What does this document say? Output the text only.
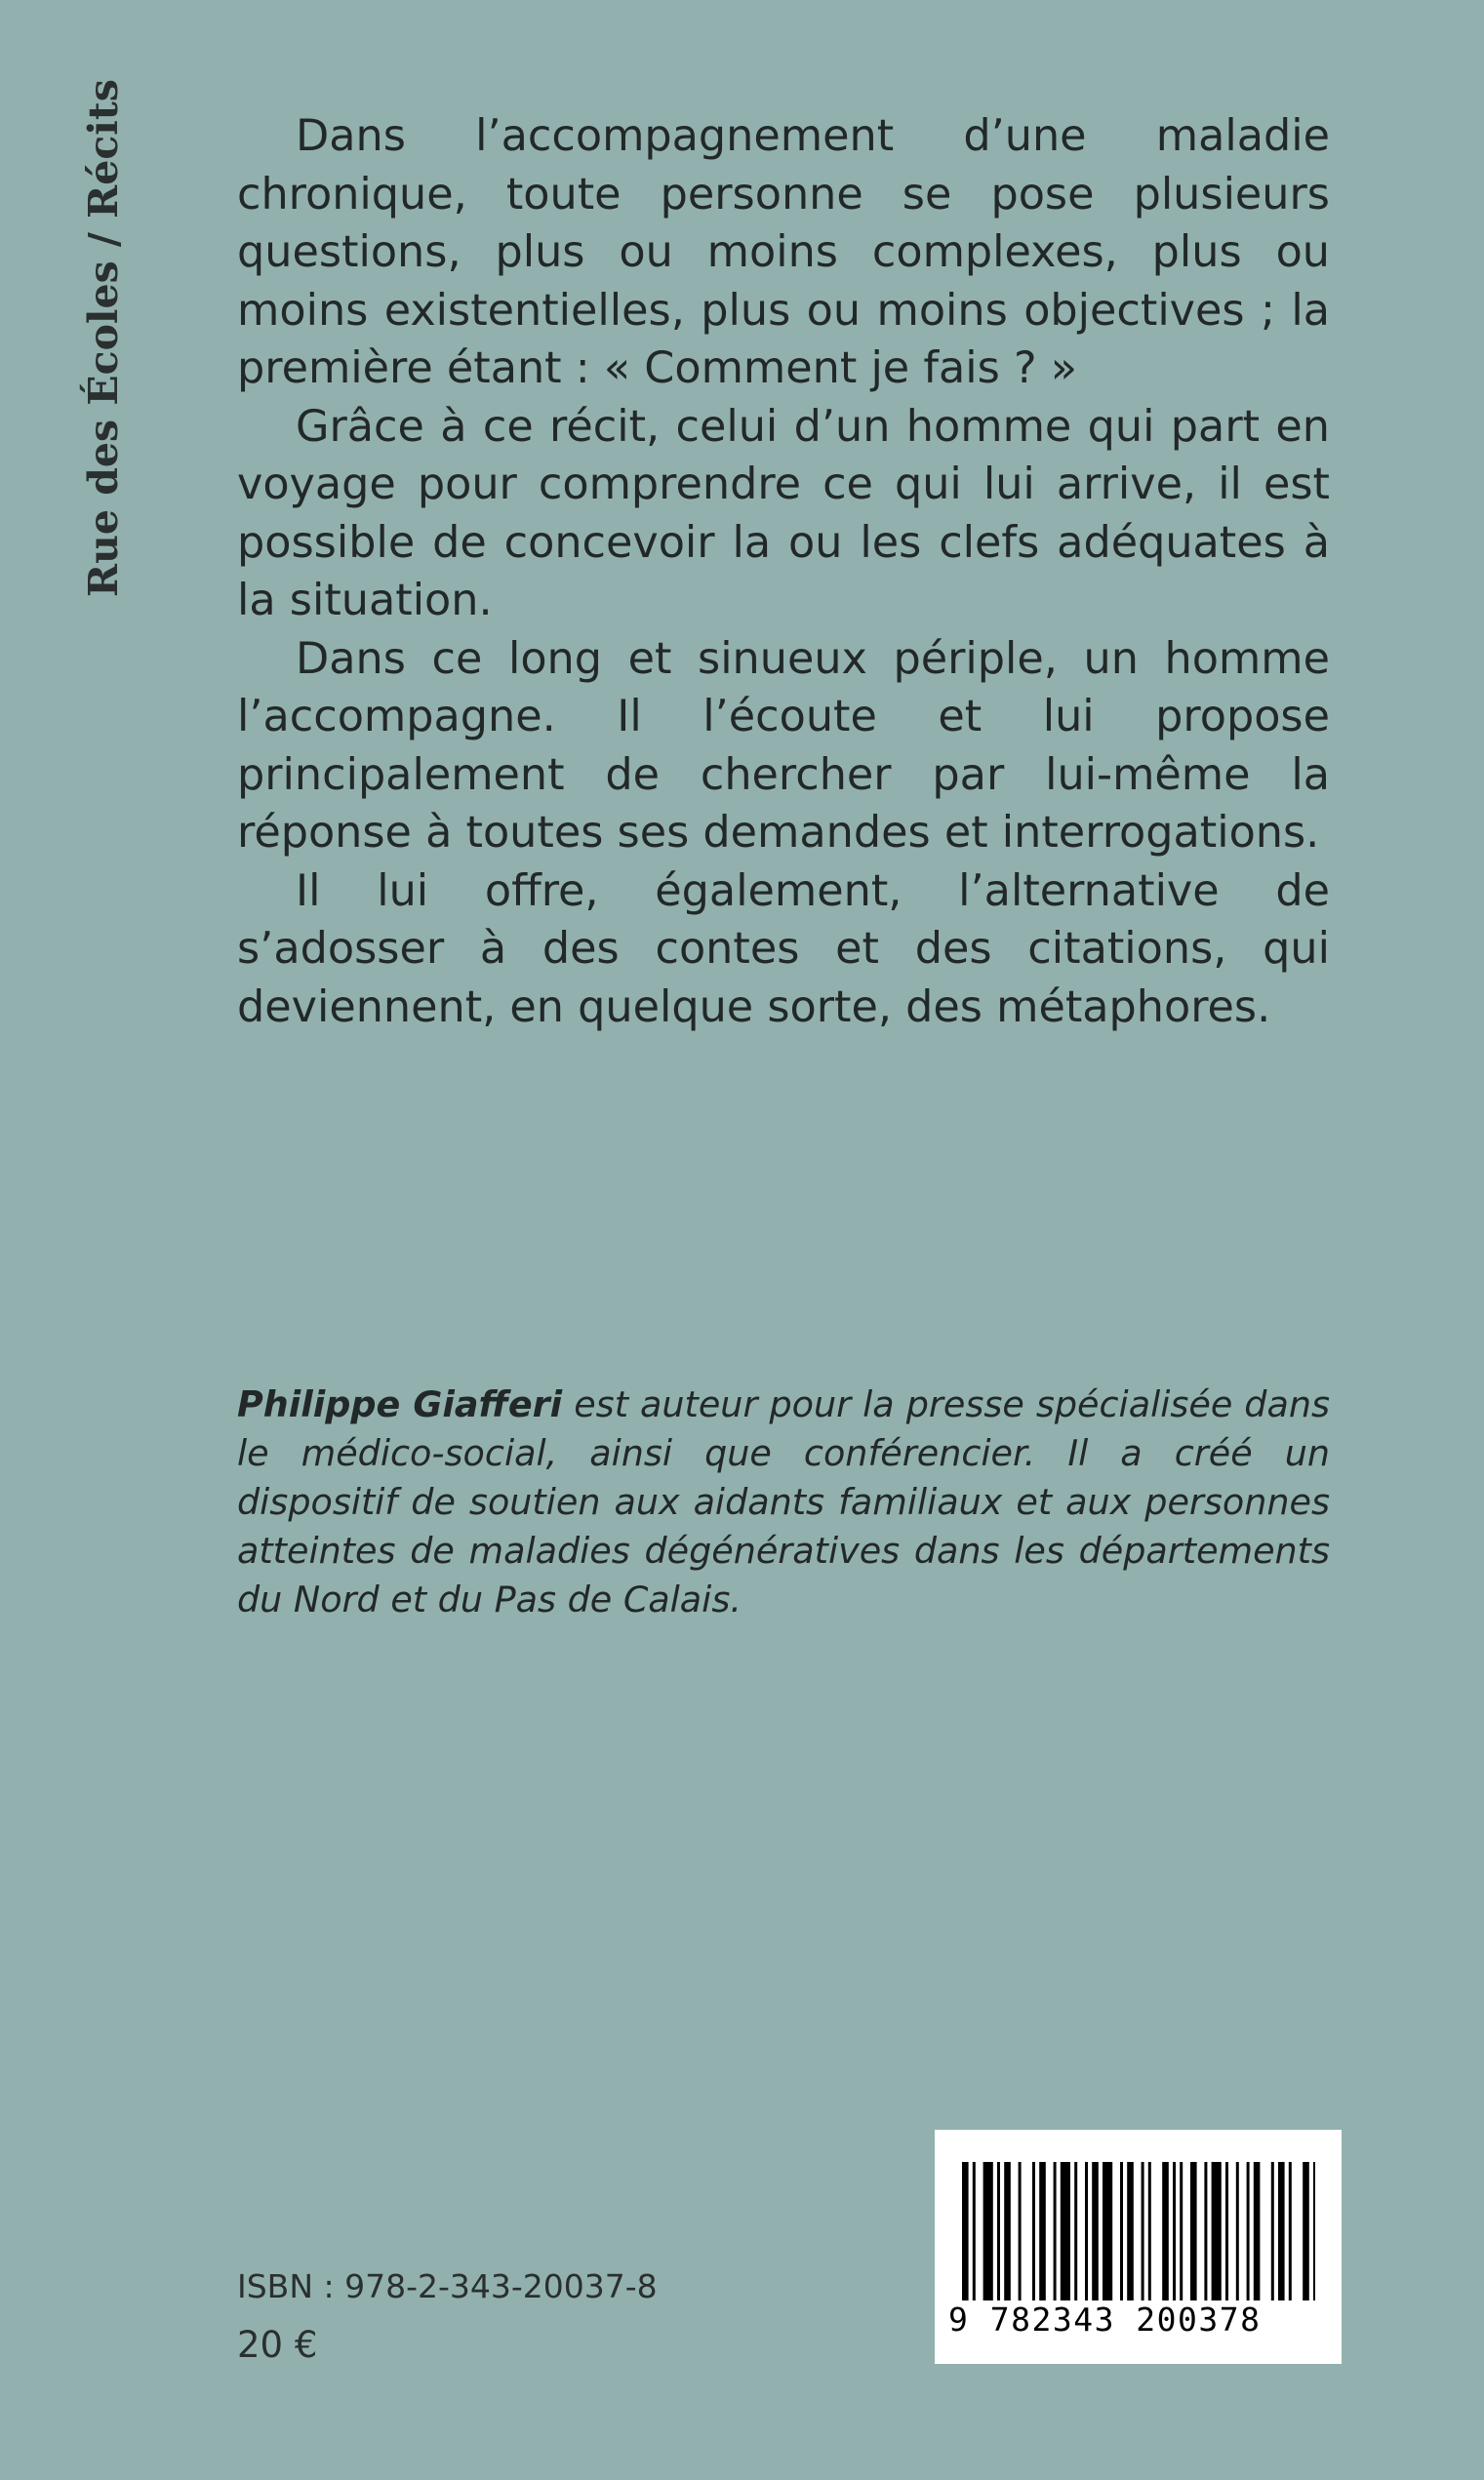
Rue des Écoles / Récits	Dans l’accompagnement d’une maladie chronique, toute personne se pose plusieurs questions, plus ou moins complexes, plus ou moins existentielles, plus ou moins objectives ; la première étant : « Comment je fais ? »

Grâce à ce récit, celui d’un homme qui part en voyage pour comprendre ce qui lui arrive, il est possible de concevoir la ou les clefs adéquates à la situation.

Dans ce long et sinueux périple, un homme l’accompagne. Il l’écoute et lui propose principalement de chercher par lui-même la réponse à toutes ses demandes et interrogations.

Il lui offre, également, l’alternative de s’adosser à des contes et des citations, qui deviennent, en quelque sorte, des métaphores.

Philippe Giafferi est auteur pour la presse spécialisée dans le médico-social, ainsi que conférencier. Il a créé un dispositif de soutien aux aidants familiaux et aux personnes atteintes de maladies dégénératives dans les départements du Nord et du Pas de Calais.
ISBN : 978-2-343-20037-8
20 €
9 782343 200378
